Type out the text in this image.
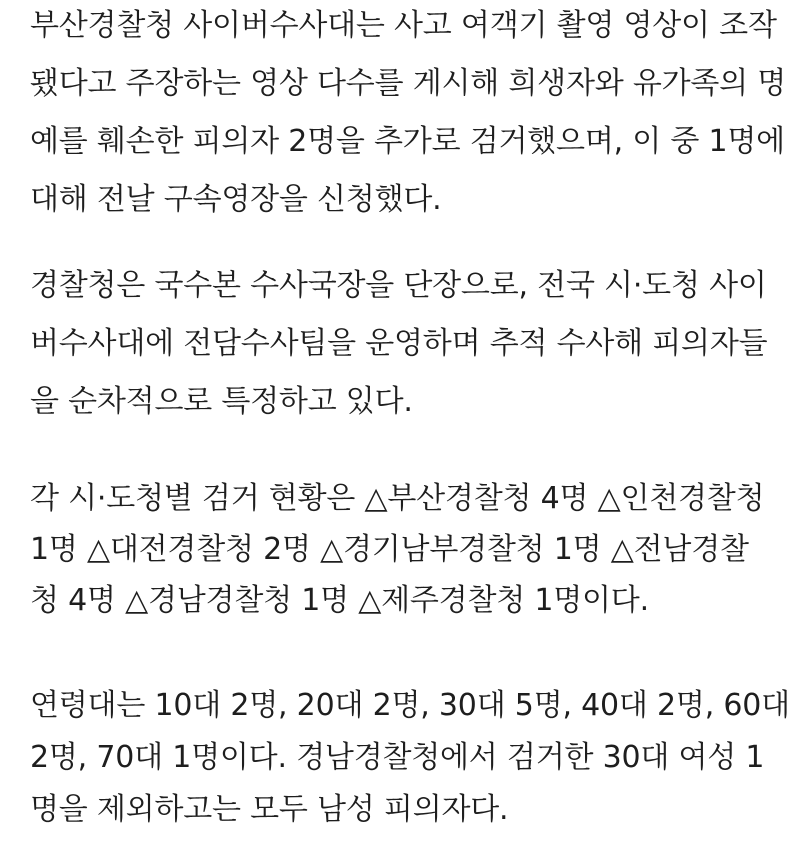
부산경찰청 사이버수사대는 사고 여객기 촬영 영상이 조작
됐다고 주장하는 영상 다수를 게시해 희생자와 유가족의 명
예를 훼손한 피의자 2명을 추가로 검거했으며, 이 중 1명에
대해 전날 구속영장을 신청했다.
경찰청은 국수본 수사국장을 단장으로, 전국 시·도청 사이
버수사대에 전담수사팀을 운영하며 추적 수사해 피의자들
을 순차적으로 특정하고 있다.
각 시·도청별 검거 현황은 △부산경찰청 4명 △인천경찰청
1명 △대전경찰청 2명 △경기남부경찰청 1명 △전남경찰
청 4명 △경남경찰청 1명 △제주경찰청 1명이다.
연령대는 10대 2명, 20대 2명, 30대 5명, 40대 2명, 60대
2명, 70대 1명이다. 경남경찰청에서 검거한 30대 여성 1
명을 제외하고는 모두 남성 피의자다.
